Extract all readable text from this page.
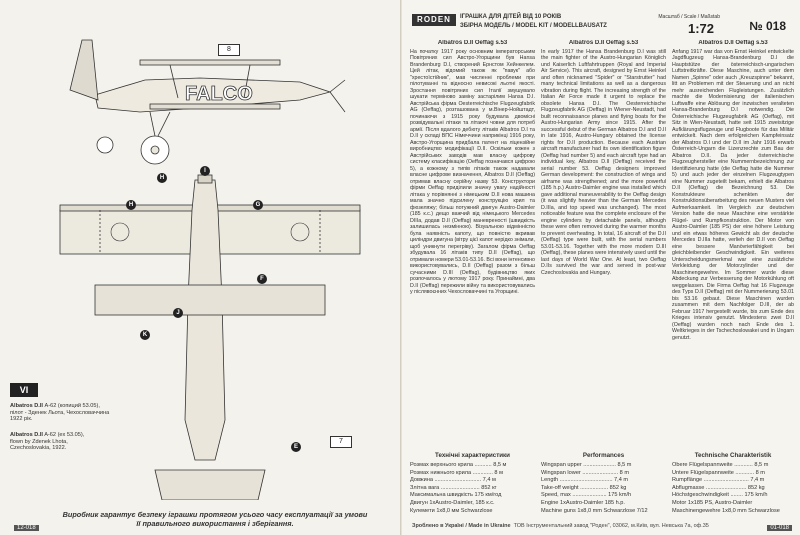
FALCO
H
I
G
H
F
J
K
E
8
7
VI
Albatros D.II А-62 (копиций 53.05),
пілот - Зденек Льота, Чехословаччина
1922 рік.
Albatros D.II A-62 (ex 53.05),
flown by Zdenek Lhota,
Czechoslovakia, 1922.
Виробник гарантує безпеку іграшки протягом усього часу експлуатації за умови
її правильного використання і зберігання.
12-018
RODEN	ІГРАШКА ДЛЯ ДІТЕЙ ВІД 10 РОКІВ
ЗБІРНА МОДЕЛЬ / MODEL KIT / MODELLBAUSATZ
Масштаб / Scale / Maßstab
1:72	№ 018
Albatros D.II Oeffag s.53

На початку 1917 року основним імператорським Повітряних сил Австро-Угорщини був Hansa Brandenburg D.I, створений Ернстом Хейнкелем. Цей літак, відомий також як "павук" або "хрестоїстійник", мав численні проблеми при пілотуванні та відносно невисокі льотні якості. Зростання повітряних сил Італії змушувало шукати терміново заміну застарілим Hansa D.I. Австрійська фірма Oesterreichische Flugzeugfabrik AG (Oeffag), розташована у м.Вінер-Нойштадт, починаючи з 1915 року будувала двомісні розвідувальні літаки та літаючі човни для потреб армії. Після вдалого дебюту літаків Albatros D.I та D.II у складі ВПС Німеччини наприкінці 1916 року, Австро-Угорщина придбала патент на ліцензійне виробництво модифікації D.II. Оскільки кожен з Австрійських заводів мав власну цифрову систему класифікацію (Oeffag позначався цифрою 5), а кожному з типів літаків також надавали власне цифрове визначення, Albatros D.II (Oeffag) отримав власну серійну назву 53. Конструктори фірми Oeffag приділили значну увагу надійності літака у порівнянні з німецьким D.II нова машина мала значно підсилену конструкцію крил та фюзеляжу; більш потужний двигун Austro-Daimler (185 к.с.) дещо важчий від німецького Mercedes DIIIa, додав D.II (Oeffag) маневреності (швидкість залишилась незмінною). Візуальною відмінністю була наявність капоту, що повністю вкривав циліндри двигуна (вітру цієї капот нерідко знімали, щоб уникнути перегріву). Загалом фірма Oeffag збудувала 16 літаків типу D.II (Oeffag), що отримали номери 53.01-53.16. Всі вони інтенсивно використовувались, D.II (Oeffag) разом з більш сучасними D.III (Oeffag), будівництво яких розпочалось у лютому 1917 року. Принаймні, два D.II (Oeffag) пережили війну та використовувались у післявоєнних Чехословаччині та Угорщині.

Albatros D.II Oeffag s.53

In early 1917 the Hansa Brandenburg D.I was still the main fighter of the Austro-Hungarian Königlich und Kaiserlich Luftfahrtruppen (Royal and Imperial Air Service). This aircraft, designed by Ernst Heinkel and often nicknamed "Spider" or "Starstrutter" had many technical limitations as well as a dangerous vibration during flight. The increasing strength of the Italian Air Force made it urgent to replace the obsolete Hansa D.I. The Oesterreichische Flugzeugfabrik AG (Oeffag) in Wiener-Neustadt, had built reconnaissance planes and flying boats for the Austro-Hungarian Army since 1915. After the successful debut of the German Albatros D.I and D.II in late 1916, Austro-Hungary obtained the license rights for D.II production. Because each Austrian aircraft manufacturer had its own identification figure (Oeffag had number 5) and each aircraft type had an individual key, Albatros D.II (Oeffag) received the serial number 53. Oeffag designers improved German development: the construction of wings and airframe was strengthened; and the more powerful (185 h.p.) Austro-Daimler engine was installed which gave additional maneuverability to the Oeffag design (it was slightly heavier than the German Mercedes D.IIIa, and top speed was unchanged). The most noticeable feature was the complete enclosure of the engine cylinders by detachable panels, although these were often removed during the warmer months to prevent overheating. In total, 16 aircraft of the D.II (Oeffag) type were built, with the serial numbers 53.01-53.16. Together with the more modern D.III (Oeffag), these planes were intensively used until the last days of World War One. At least, two Oeffag D.IIs survived the war and served in post-war Czechoslovakia and Hungary.

Albatros D.II Oeffag s.53

Anfang 1917 war das von Ernst Heinkel entwickelte Jagdflugzeug Hansa-Brandenburg D.I die Hauptstütze der österreichisch-ungarischen Luftstreitkräfte. Diese Maschine, auch unter dem Namen „Spinne" oder auch „Kreuzspinne" bekannt, litt an Problemen mit der Steuerung und an nicht mehr ausreichenden Flugleistungen. Zusätzlich machte die Modernisierung der italienischen Luftwaffe eine Ablösung der inzwischen veralteten Hansa-Brandenburg D.I notwendig. Die Österreichische Flugzeugfabrik AG (Oeffag), mit Sitz in Wien-Neustadt, hatte seit 1915 zweisitzige Aufklärungsflugzeuge und Flugboote für das Militär entwickelt. Nach dem erfolgreichen Kampfeinsatz der Albatros D.I und der D.II im Jahr 1916 erwarb Österreich-Ungarn die Lizenzrechte zum Bau der Albatros D.II. Da jeder österreichische Flugzeughersteller eine Nummernbezeichnung zur Identifizierung hatte (die Oeffag hatte die Nummer 5) und auch jeder der einzelnen Flugzeugtypen eine Nummer zugeteilt bekam, erhielt die Albatros D.II (Oeffag) die Bezeichnung 53. Die Konstrukteure schenkten der Konstruktionsüberarbeitung des neuen Musters viel Aufmerksamkeit. Im Vergleich zur deutschen Version hatte die neue Maschine eine verstärkte Flügel- und Rumpfkonstruktion. Der Motor von Austro-Daimler (185 PS) der eine höhere Leistung und ein etwas höheres Gewicht als der deutsche Mercedes D.IIIa hatte, verlieh der D.II von Oeffag eine bessere Manövrierfähigkeit bei gleichbleibender Geschwindigkeit. Ein weiteres Unterscheidungsmerkmal war eine zusätzliche Verkleidung der Motorzylinder und der Maschinengewehre. Im Sommer wurde diese Abdeckung zur Verbesserung der Motorkühlung oft weggelassen. Die Firma Oeffag hat 16 Flugzeuge des Typs D.II (Oeffag) mit der Nummerierung 53.01 bis 53.16 gebaut. Diese Maschinen wurden zusammen mit dem Nachfolger D.III, der ab Februar 1917 hergestellt wurde, bis zum Ende des Krieges intensiv genutzt. Mindestens zwei D.II (Oeffag) wurden noch nach Ende des 1. Weltkrieges in der Tschechoslowakei und in Ungarn genutzt.

Технічні характеристики
Розмах верхнього крила ........... 8,5 м
Розмах нижнього крила ............. 8 м
Довжина .............................. 7,4 м
Злітна вага ......................... 852 кг
Максимальна швидкість 175 км/год
Двигун 1хAustro-Daimler, 185 к.с.
Кулемети 1х8,0 мм Schwarzlose
Performances
Wingspan upper ..................... 8,5 m
Wingspan lower ....................... 8 m
Length .................................. 7,4 m
Take-off weight .................. 852 kg
Speed, max ...................... 175 km/h
Engine 1xAustro-Daimler 185 h.p.
Machine guns 1x8,0 mm Schwarzlose 7/12
Technische Charakteristik
Obere Flügelspannweite ............ 8,5 m
Untere Flügelspannweite ............ 8 m
Rumpflänge ............................. 7,4 m
Abflugmasse .......................... 852 kg
Höchstgeschwindigkeit ........ 175 km/h
Motor 1x185 PS, Austro-Daimler
Maschinengewehre 1x8,0 mm Schwarzlose
Зроблено в Україні / Made in Ukraine ТОВ Інструментальний завод "Роден", 03062, м.Київ, вул. Невська 7а, оф.35	01-018
